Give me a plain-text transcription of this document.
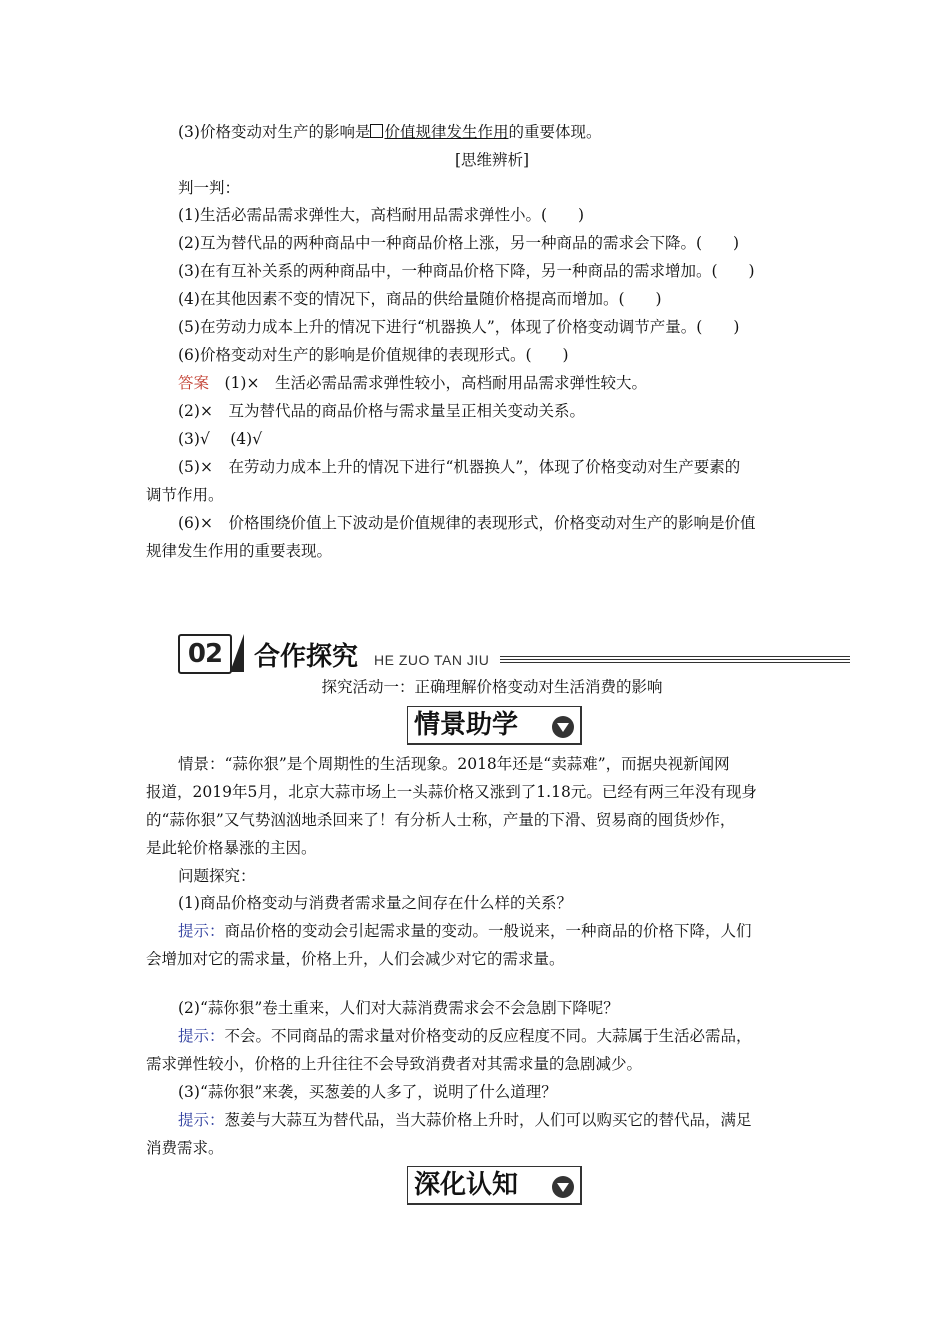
(3)价格变动对生产的影响是 价值规律发生作用的重要体现。
[思维辨析]
判一判：
(1)生活必需品需求弹性大，高档耐用品需求弹性小。(　　)
(2)互为替代品的两种商品中一种商品价格上涨，另一种商品的需求会下降。(　　)
(3)在有互补关系的两种商品中，一种商品价格下降，另一种商品的需求增加。(　　)
(4)在其他因素不变的情况下，商品的供给量随价格提高而增加。(　　)
(5)在劳动力成本上升的情况下进行“机器换人”，体现了价格变动调节产量。(　　)
(6)价格变动对生产的影响是价值规律的表现形式。(　　)
答案　(1)×　生活必需品需求弹性较小，高档耐用品需求弹性较大。
(2)×　互为替代品的商品价格与需求量呈正相关变动关系。
(3)√　 (4)√
(5)×　在劳动力成本上升的情况下进行“机器换人”，体现了价格变动对生产要素的
调节作用。
(6)×　价格围绕价值上下波动是价值规律的表现形式，价格变动对生产的影响是价值
规律发生作用的重要表现。
02	合作探究 HE ZUO TAN JIU
探究活动一：正确理解价格变动对生活消费的影响
情景助学
情景：“蒜你狠”是个周期性的生活现象。2018年还是“卖蒜难”，而据央视新闻网
报道，2019年5月，北京大蒜市场上一头蒜价格又涨到了1.18元。已经有两三年没有现身
的“蒜你狠”又气势汹汹地杀回来了！有分析人士称，产量的下滑、贸易商的囤货炒作，
是此轮价格暴涨的主因。
问题探究：
(1)商品价格变动与消费者需求量之间存在什么样的关系？
提示：商品价格的变动会引起需求量的变动。一般说来，一种商品的价格下降，人们
会增加对它的需求量，价格上升，人们会减少对它的需求量。
(2)“蒜你狠”卷土重来，人们对大蒜消费需求会不会急剧下降呢？
提示：不会。不同商品的需求量对价格变动的反应程度不同。大蒜属于生活必需品，
需求弹性较小，价格的上升往往不会导致消费者对其需求量的急剧减少。
(3)“蒜你狠”来袭，买葱姜的人多了，说明了什么道理？
提示：葱姜与大蒜互为替代品，当大蒜价格上升时，人们可以购买它的替代品，满足
消费需求。
深化认知
